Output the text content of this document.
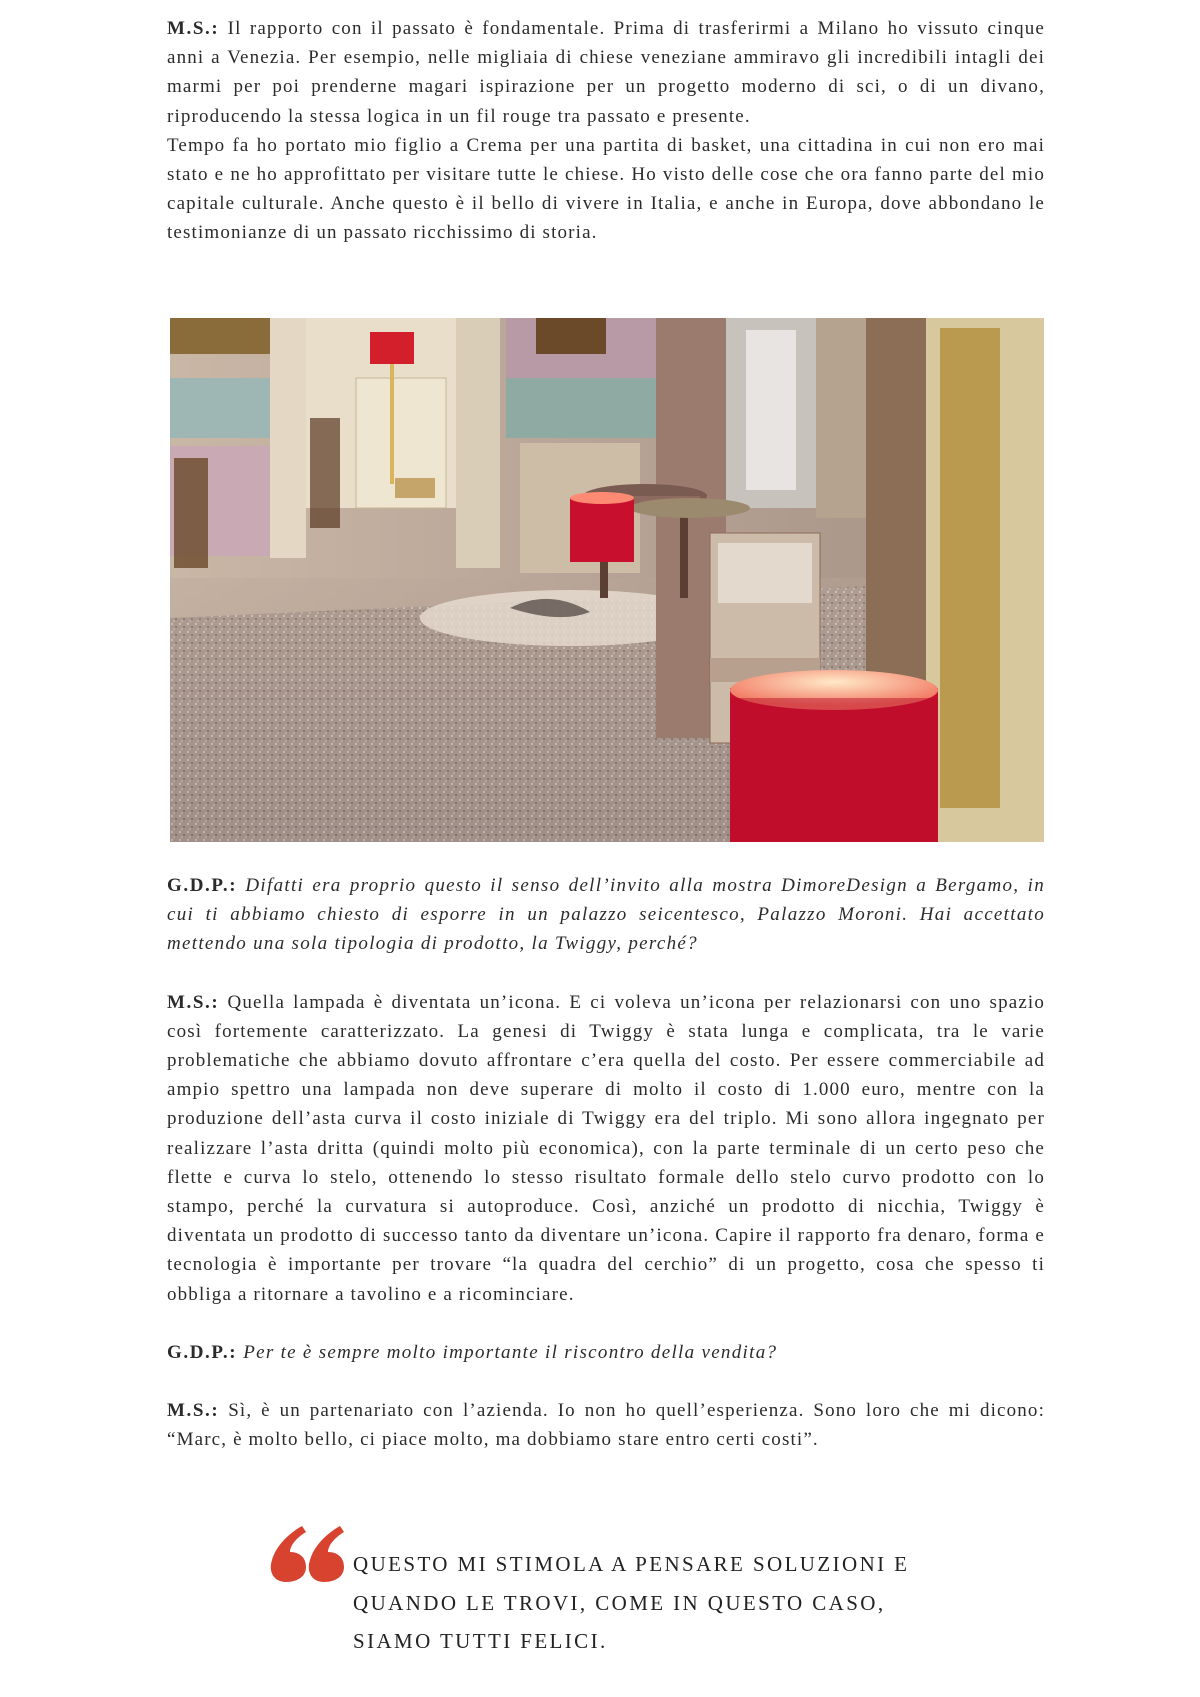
M.S.: Il rapporto con il passato è fondamentale. Prima di trasferirmi a Milano ho vissuto cinque anni a Venezia. Per esempio, nelle migliaia di chiese veneziane ammiravo gli incredibili intagli dei marmi per poi prenderne magari ispirazione per un progetto moderno di sci, o di un divano, riproducendo la stessa logica in un fil rouge tra passato e presente.

Tempo fa ho portato mio figlio a Crema per una partita di basket, una cittadina in cui non ero mai stato e ne ho approfittato per visitare tutte le chiese. Ho visto delle cose che ora fanno parte del mio capitale culturale. Anche questo è il bello di vivere in Italia, e anche in Europa, dove abbondano le testimonianze di un passato ricchissimo di storia.

G.D.P.: Difatti era proprio questo il senso dell’invito alla mostra DimoreDesign a Bergamo, in cui ti abbiamo chiesto di esporre in un palazzo seicentesco, Palazzo Moroni. Hai accettato mettendo una sola tipologia di prodotto, la Twiggy, perché?

M.S.: Quella lampada è diventata un’icona. E ci voleva un’icona per relazionarsi con uno spazio così fortemente caratterizzato. La genesi di Twiggy è stata lunga e complicata, tra le varie problematiche che abbiamo dovuto affrontare c’era quella del costo. Per essere commerciabile ad ampio spettro una lampada non deve superare di molto il costo di 1.000 euro, mentre con la produzione dell’asta curva il costo iniziale di Twiggy era del triplo. Mi sono allora ingegnato per realizzare l’asta dritta (quindi molto più economica), con la parte terminale di un certo peso che flette e curva lo stelo, ottenendo lo stesso risultato formale dello stelo curvo prodotto con lo stampo, perché la curvatura si autoproduce. Così, anziché un prodotto di nicchia, Twiggy è diventata un prodotto di successo tanto da diventare un’icona. Capire il rapporto fra denaro, forma e tecnologia è importante per trovare “la quadra del cerchio” di un progetto, cosa che spesso ti obbliga a ritornare a tavolino e a ricominciare.

G.D.P.: Per te è sempre molto importante il riscontro della vendita?

M.S.: Sì, è un partenariato con l’azienda. Io non ho quell’esperienza. Sono loro che mi dicono: “Marc, è molto bello, ci piace molto, ma dobbiamo stare entro certi costi”.

QUESTO MI STIMOLA A PENSARE SOLUZIONI E
QUANDO LE TROVI, COME IN QUESTO CASO,
SIAMO TUTTI FELICI.
